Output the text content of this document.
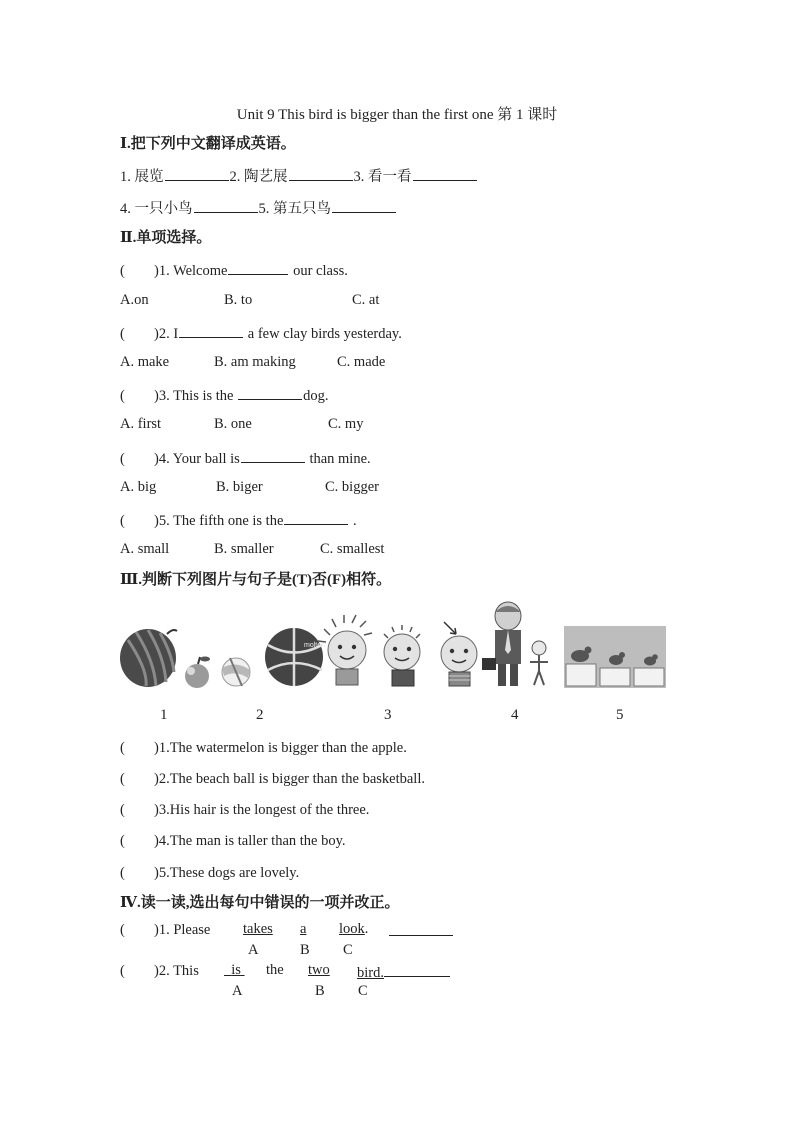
Unit 9 This bird is bigger than the first one 第 1 课时
Ⅰ.把下列中文翻译成英语。
1. 展览	2. 陶艺展	3. 看一看
4. 一只小鸟	5. 第五只鸟
Ⅱ.单项选择。
( )1. Welcome	our class.
A.on	B. to	C. at
( )2. I	a few clay birds yesterday.
A. make	B. am making	C. made
( )3. This is the	dog.
A. first	B. one	C. my
( )4. Your ball is	than mine.
A. big	B. biger	C. bigger
( )5. The fifth one is the	.
A. small	B. smaller	C. smallest
Ⅲ.判断下列图片与句子是(T)否(F)相符。
molten
1	2	3	4	5
( )1.The watermelon is bigger than the apple.
( )2.The beach ball is bigger than the basketball.
( )3.His hair is the longest of the three.
( )4.The man is taller than the boy.
( )5.These dogs are lovely.
Ⅳ.读一读,选出每句中错误的一项并改正。
( )1. Please takes a look.
A	B C
( )2. This	is the two bird.
A	B C
